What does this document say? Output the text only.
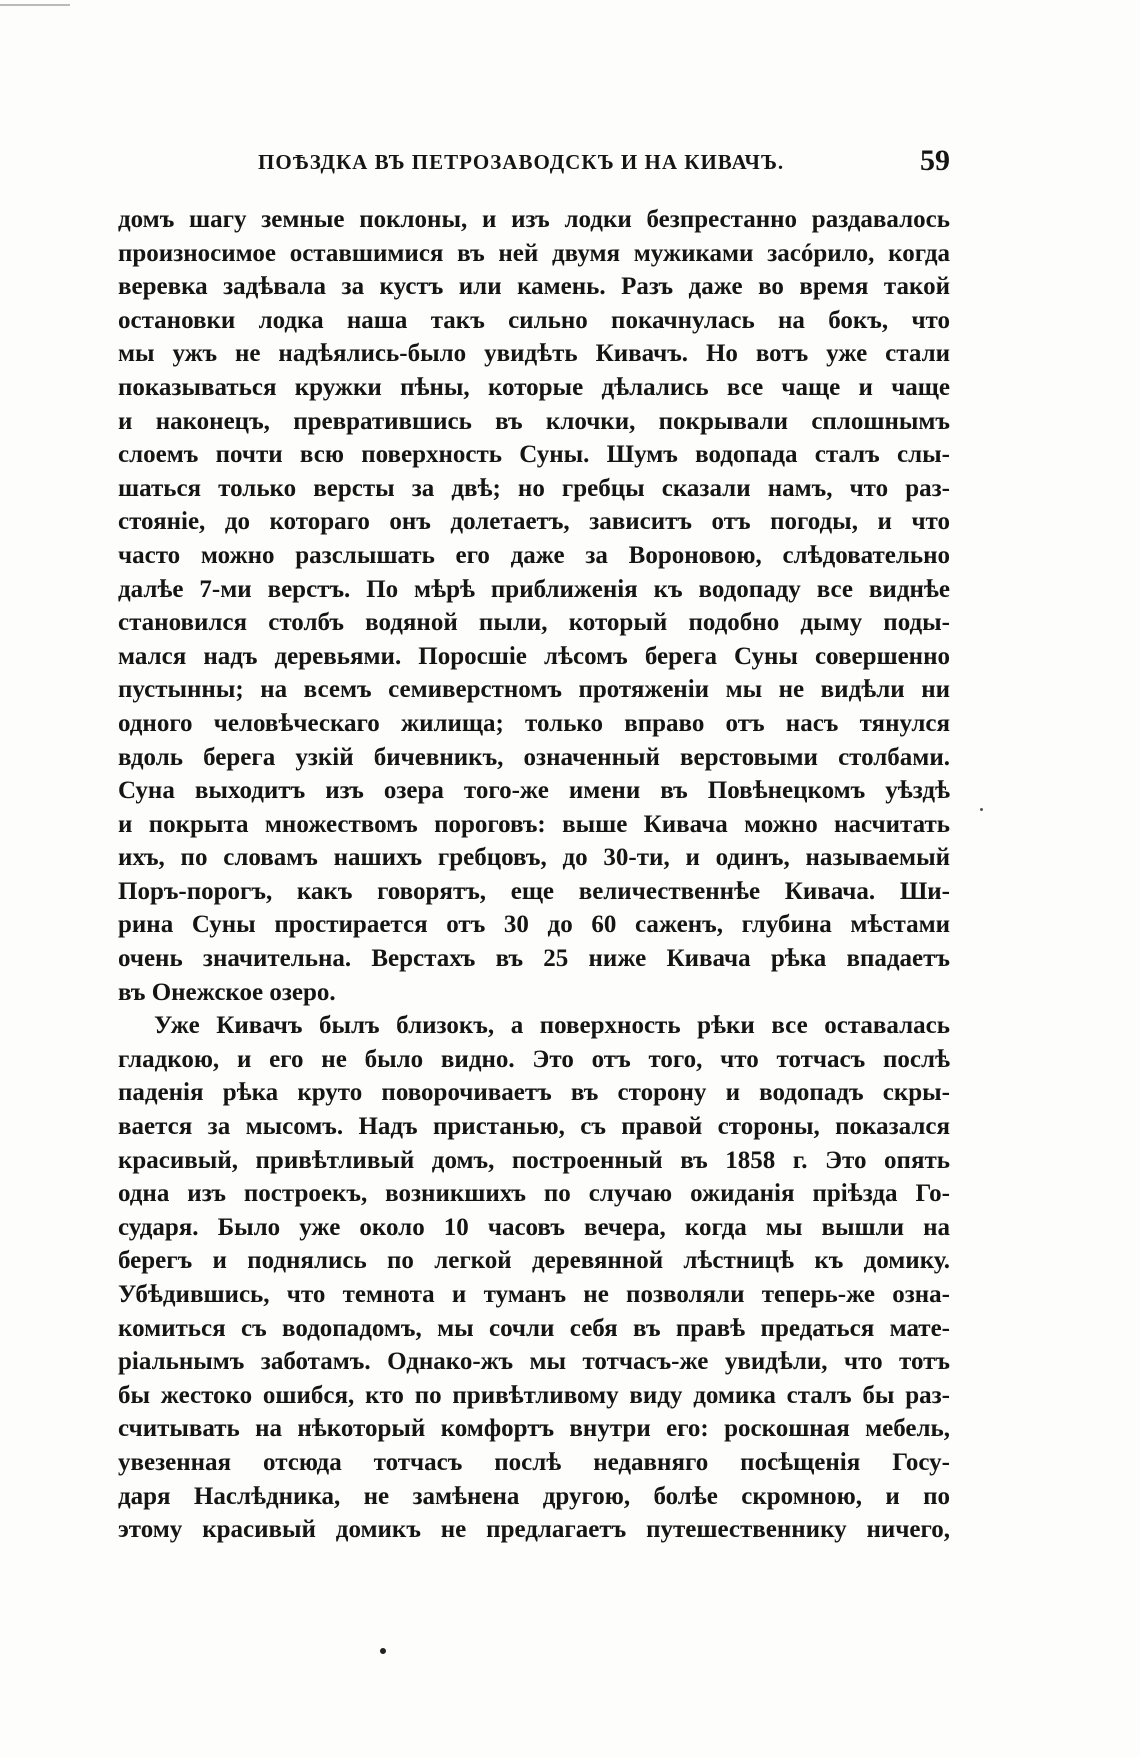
ПОѢЗДКА ВЪ ПЕТРОЗАВОДСКЪ И НА КИВАЧЪ.	59
домъ шагу земные поклоны, и изъ лодки безпрестанно раздавалось
произносимое оставшимися въ ней двумя мужиками засóрило, когда
веревка задѣвала за кустъ или камень. Разъ даже во время такой
остановки лодка наша такъ сильно покачнулась на бокъ, что
мы ужъ не надѣялись-было увидѣть Кивачъ. Но вотъ уже стали
показываться кружки пѣны, которые дѣлались все чаще и чаще
и наконецъ, превратившись въ клочки, покрывали сплошнымъ
слоемъ почти всю поверхность Суны. Шумъ водопада сталъ слы-
шаться только версты за двѣ; но гребцы сказали намъ, что раз-
стояніе, до котораго онъ долетаетъ, зависитъ отъ погоды, и что
часто можно разслышать его даже за Вороновою, слѣдовательно
далѣе 7-ми верстъ. По мѣрѣ приближенія къ водопаду все виднѣе
становился столбъ водяной пыли, который подобно дыму поды-
мался надъ деревьями. Поросшіе лѣсомъ берега Суны совершенно
пустынны; на всемъ семиверстномъ протяженіи мы не видѣли ни
одного человѣческаго жилища; только вправо отъ насъ тянулся
вдоль берега узкій бичевникъ, означенный верстовыми столбами.
Суна выходитъ изъ озера того-же имени въ Повѣнецкомъ уѣздѣ
и покрыта множествомъ пороговъ: выше Кивача можно насчитать
ихъ, по словамъ нашихъ гребцовъ, до 30-ти, и одинъ, называемый
Поръ-порогъ, какъ говорятъ, еще величественнѣе Кивача. Ши-
рина Суны простирается отъ 30 до 60 саженъ, глубина мѣстами
очень значительна. Верстахъ въ 25 ниже Кивача рѣка впадаетъ
въ Онежское озеро.
Уже Кивачъ былъ близокъ, а поверхность рѣки все оставалась
гладкою, и его не было видно. Это отъ того, что тотчасъ послѣ
паденія рѣка круто поворочиваетъ въ сторону и водопадъ скры-
вается за мысомъ. Надъ пристанью, съ правой стороны, показался
красивый, привѣтливый домъ, построенный въ 1858 г. Это опять
одна изъ построекъ, возникшихъ по случаю ожиданія пріѣзда Го-
сударя. Было уже около 10 часовъ вечера, когда мы вышли на
берегъ и поднялись по легкой деревянной лѣстницѣ къ домику.
Убѣдившись, что темнота и туманъ не позволяли теперь-же озна-
комиться съ водопадомъ, мы сочли себя въ правѣ предаться мате-
ріальнымъ заботамъ. Однако-жъ мы тотчасъ-же увидѣли, что тотъ
бы жестоко ошибся, кто по привѣтливому виду домика сталъ бы раз-
считывать на нѣкоторый комфортъ внутри его: роскошная мебель,
увезенная отсюда тотчасъ послѣ недавняго посѣщенія Госу-
даря Наслѣдника, не замѣнена другою, болѣе скромною, и по
этому красивый домикъ не предлагаетъ путешественнику ничего,
